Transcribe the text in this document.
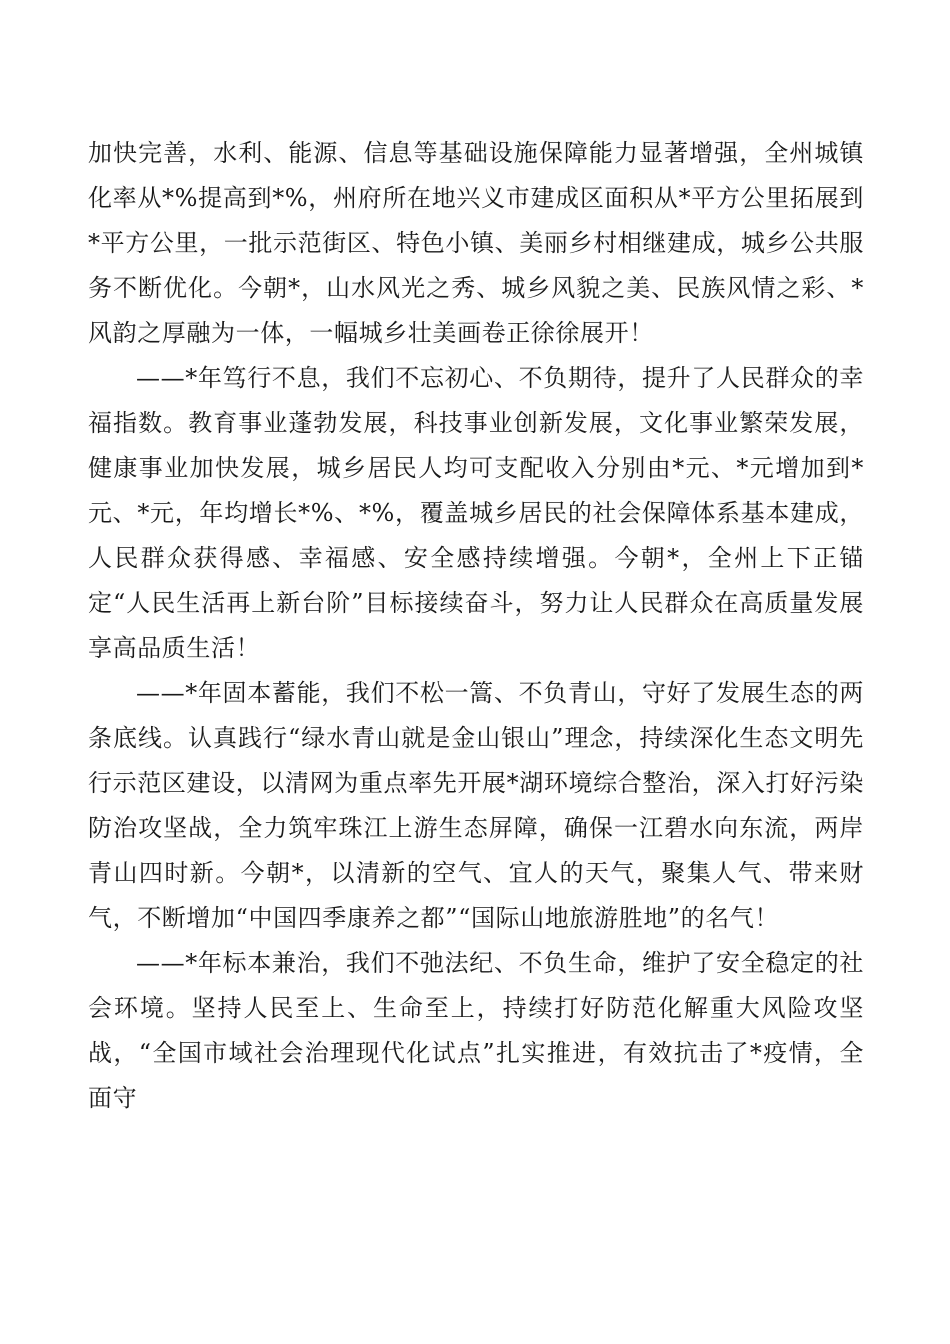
加快完善，水利、能源、信息等基础设施保障能力显著增强，全州城镇化率从*%提高到*%，州府所在地兴义市建成区面积从*平方公里拓展到*平方公里，一批示范街区、特色小镇、美丽乡村相继建成，城乡公共服务不断优化。今朝*，山水风光之秀、城乡风貌之美、民族风情之彩、*风韵之厚融为一体，一幅城乡壮美画卷正徐徐展开！

——*年笃行不息，我们不忘初心、不负期待，提升了人民群众的幸福指数。教育事业蓬勃发展，科技事业创新发展，文化事业繁荣发展，健康事业加快发展，城乡居民人均可支配收入分别由*元、*元增加到*元、*元，年均增长*%、*%，覆盖城乡居民的社会保障体系基本建成，人民群众获得感、幸福感、安全感持续增强。今朝*，全州上下正锚定“人民生活再上新台阶”目标接续奋斗，努力让人民群众在高质量发展享高品质生活！

——*年固本蓄能，我们不松一篙、不负青山，守好了发展生态的两条底线。认真践行“绿水青山就是金山银山”理念，持续深化生态文明先行示范区建设，以清网为重点率先开展*湖环境综合整治，深入打好污染防治攻坚战，全力筑牢珠江上游生态屏障，确保一江碧水向东流，两岸青山四时新。今朝*，以清新的空气、宜人的天气，聚集人气、带来财气，不断增加“中国四季康养之都”“国际山地旅游胜地”的名气！

——*年标本兼治，我们不弛法纪、不负生命，维护了安全稳定的社会环境。坚持人民至上、生命至上，持续打好防范化解重大风险攻坚战，“全国市域社会治理现代化试点”扎实推进，有效抗击了*疫情，全面守
